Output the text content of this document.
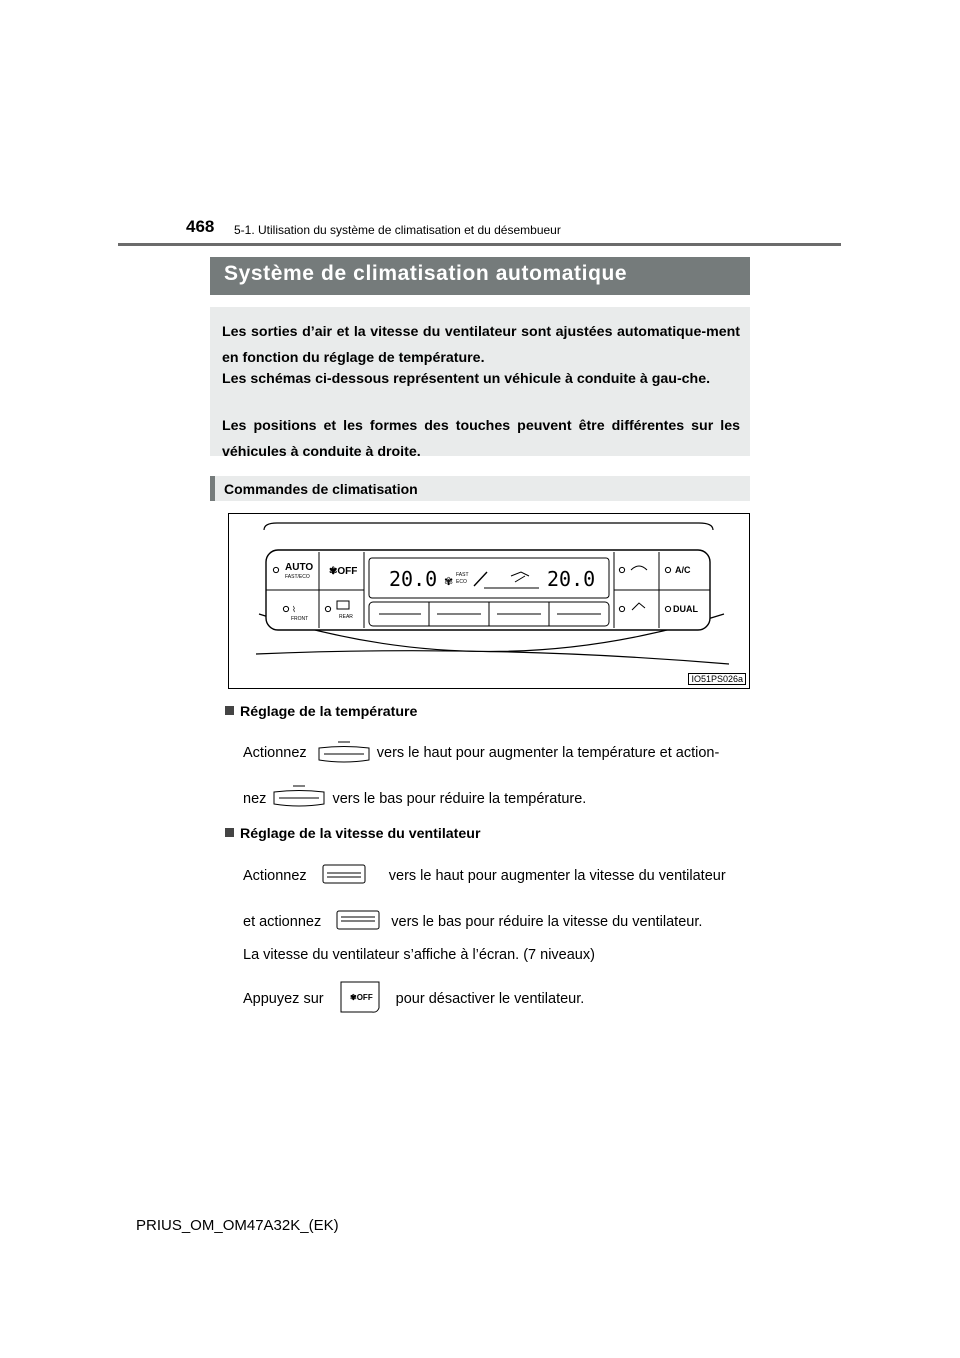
468 5-1. Utilisation du système de climatisation et du désembueur
Système de climatisation automatique
Les sorties d’air et la vitesse du ventilateur sont ajustées automatique-ment en fonction du réglage de température.
Les schémas ci-dessous représentent un véhicule à conduite à gau-che.
Les positions et les formes des touches peuvent être différentes sur les véhicules à conduite à droite.
Commandes de climatisation
AUTO
FAST/ECO ✾OFF
⌇
FRONT	REAR
A/C
DUAL
20.0 ✾
FAST
ECO	20.0
IO51PS026a
Réglage de la température
Actionnez	vers le haut pour augmenter la température et action-
nez	vers le bas pour réduire la température.
Réglage de la vitesse du ventilateur
Actionnez	vers le haut pour augmenter la vitesse du ventilateur
et actionnez	vers le bas pour réduire la vitesse du ventilateur.
La vitesse du ventilateur s’affiche à l’écran. (7 niveaux)
Appuyez sur	pour désactiver le ventilateur.
✾OFF
PRIUS_OM_OM47A32K_(EK)
